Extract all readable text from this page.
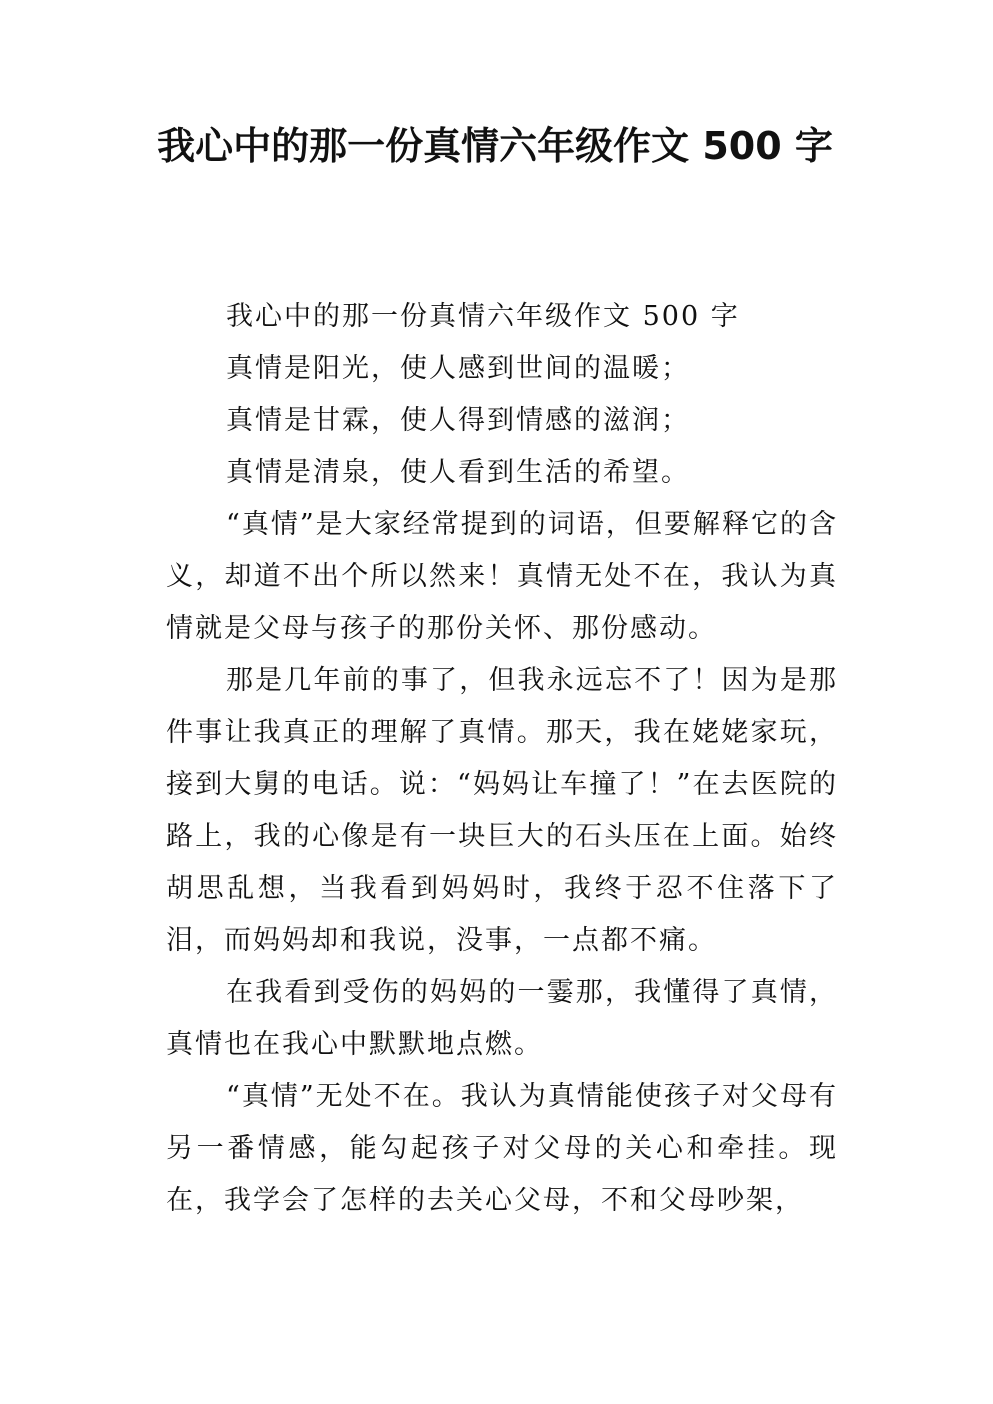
我心中的那一份真情六年级作文 500 字

我心中的那一份真情六年级作文 500 字

真情是阳光，使人感到世间的温暖；

真情是甘霖，使人得到情感的滋润；

真情是清泉，使人看到生活的希望。

“真情”是大家经常提到的词语，但要解释它的含义，却道不出个所以然来！真情无处不在，我认为真情就是父母与孩子的那份关怀、那份感动。

那是几年前的事了，但我永远忘不了！因为是那件事让我真正的理解了真情。那天，我在姥姥家玩，接到大舅的电话。说：“妈妈让车撞了！”在去医院的路上，我的心像是有一块巨大的石头压在上面。始终胡思乱想，当我看到妈妈时，我终于忍不住落下了泪，而妈妈却和我说，没事，一点都不痛。

在我看到受伤的妈妈的一霎那，我懂得了真情，真情也在我心中默默地点燃。

“真情”无处不在。我认为真情能使孩子对父母有另一番情感，能勾起孩子对父母的关心和牵挂。现在，我学会了怎样的去关心父母，不和父母吵架，
